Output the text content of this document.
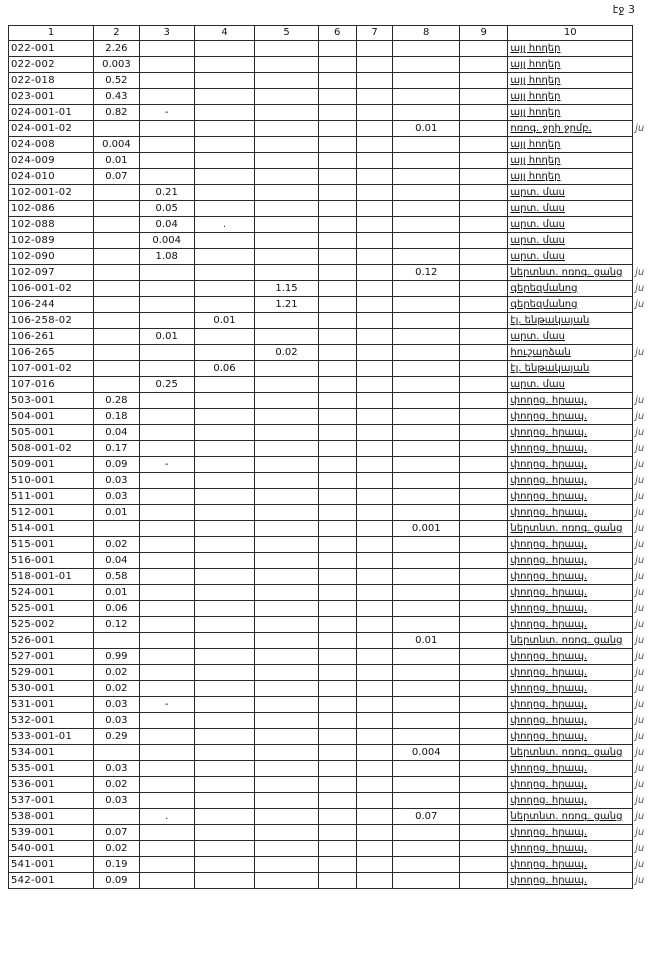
էջ 3
1	2	3	4	5	6	7	8	9	10	
022-001	2.26								այլ հողեր	
022-002	0.003								այլ հողեր	
022-018	0.52								այլ հողեր	
023-001	0.43								այլ հողեր	
024-001-01	0.82	-							այլ հողեր	
024-001-02							0.01		ոռոգ. ջրի ջրմբ.	ju
024-008	0.004								այլ հողեր	
024-009	0.01								այլ հողեր	
024-010	0.07								այլ հողեր	
102-001-02		0.21							արտ. մաս	
102-086		0.05							արտ. մաս	
102-088		0.04	.						արտ. մաս	
102-089		0.004							արտ. մաս	
102-090		1.08							արտ. մաս	
102-097							0.12		ներտնտ. ոռոգ. ցանց	ju
106-001-02				1.15					գերեզմանոց	ju
106-244				1.21					գերեզմանոց	ju
106-258-02			0.01						էլ. ենթակայան	
106-261		0.01							արտ. մաս	
106-265				0.02					հուշարձան	ju
107-001-02			0.06						էլ. ենթակայան	
107-016		0.25							արտ. մաս	
503-001	0.28								փողոց. հրապ.	ju
504-001	0.18								փողոց. հրապ.	ju
505-001	0.04								փողոց. հրապ.	ju
508-001-02	0.17								փողոց. հրապ.	ju
509-001	0.09	-							փողոց. հրապ.	ju
510-001	0.03								փողոց. հրապ.	ju
511-001	0.03								փողոց. հրապ.	ju
512-001	0.01								փողոց. հրապ.	ju
514-001							0.001		ներտնտ. ոռոգ. ցանց	ju
515-001	0.02								փողոց. հրապ.	ju
516-001	0.04								փողոց. հրապ.	ju
518-001-01	0.58								փողոց. հրապ.	ju
524-001	0.01								փողոց. հրապ.	ju
525-001	0.06								փողոց. հրապ.	ju
525-002	0.12								փողոց. հրապ.	ju
526-001							0.01		ներտնտ. ոռոգ. ցանց	ju
527-001	0.99								փողոց. հրապ.	ju
529-001	0.02								փողոց. հրապ.	ju
530-001	0.02								փողոց. հրապ.	ju
531-001	0.03	-							փողոց. հրապ.	ju
532-001	0.03								փողոց. հրապ.	ju
533-001-01	0.29								փողոց. հրապ.	ju
534-001							0.004		ներտնտ. ոռոգ. ցանց	ju
535-001	0.03								փողոց. հրապ.	ju
536-001	0.02								փողոց. հրապ.	ju
537-001	0.03								փողոց. հրապ.	ju
538-001		.					0.07		ներտնտ. ոռոգ. ցանց	ju
539-001	0.07								փողոց. հրապ.	ju
540-001	0.02								փողոց. հրապ.	ju
541-001	0.19								փողոց. հրապ.	ju
542-001	0.09								փողոց. հրապ.	ju
